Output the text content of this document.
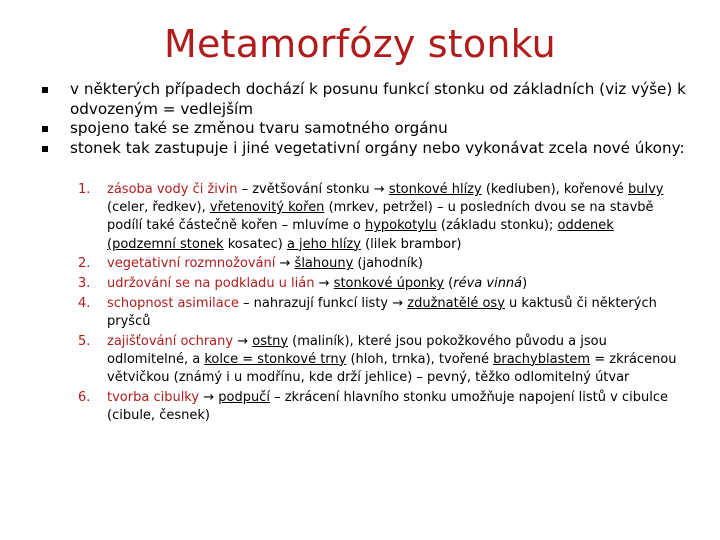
Metamorfózy stonku
v některých případech dochází k posunu funkcí stonku od základních (viz výše) k odvozeným = vedlejším
spojeno také se změnou tvaru samotného orgánu
stonek tak zastupuje i jiné vegetativní orgány nebo vykonávat zcela nové úkony:
1. zásoba vody či živin – zvětšování stonku → stonkové hlízy (kedluben), kořenové bulvy (celer, ředkev), vřetenovitý kořen (mrkev, petržel) – u posledních dvou se na stavbě podílí také částečně kořen – mluvíme o hypokotylu (základu stonku); oddenek (podzemní stonek kosatec) a jeho hlízy (lilek brambor)
2. vegetativní rozmnožování → šlahouny (jahodník)
3. udržování se na podkladu u lián → stonkové úponky (réva vinná)
4. schopnost asimilace – nahrazují funkcí listy → zdužnatělé osy u kaktusů či některých pryšců
5. zajišťování ochrany → ostny (maliník), které jsou pokožkového původu a jsou odlomitelné, a kolce = stonkové trny (hloh, trnka), tvořené brachyblastem = zkrácenou větvičkou (známý i u modřínu, kde drží jehlice) – pevný, těžko odlomitelný útvar
6. tvorba cibulky → podpučí – zkrácení hlavního stonku umožňuje napojení listů v cibulce (cibule, česnek)
